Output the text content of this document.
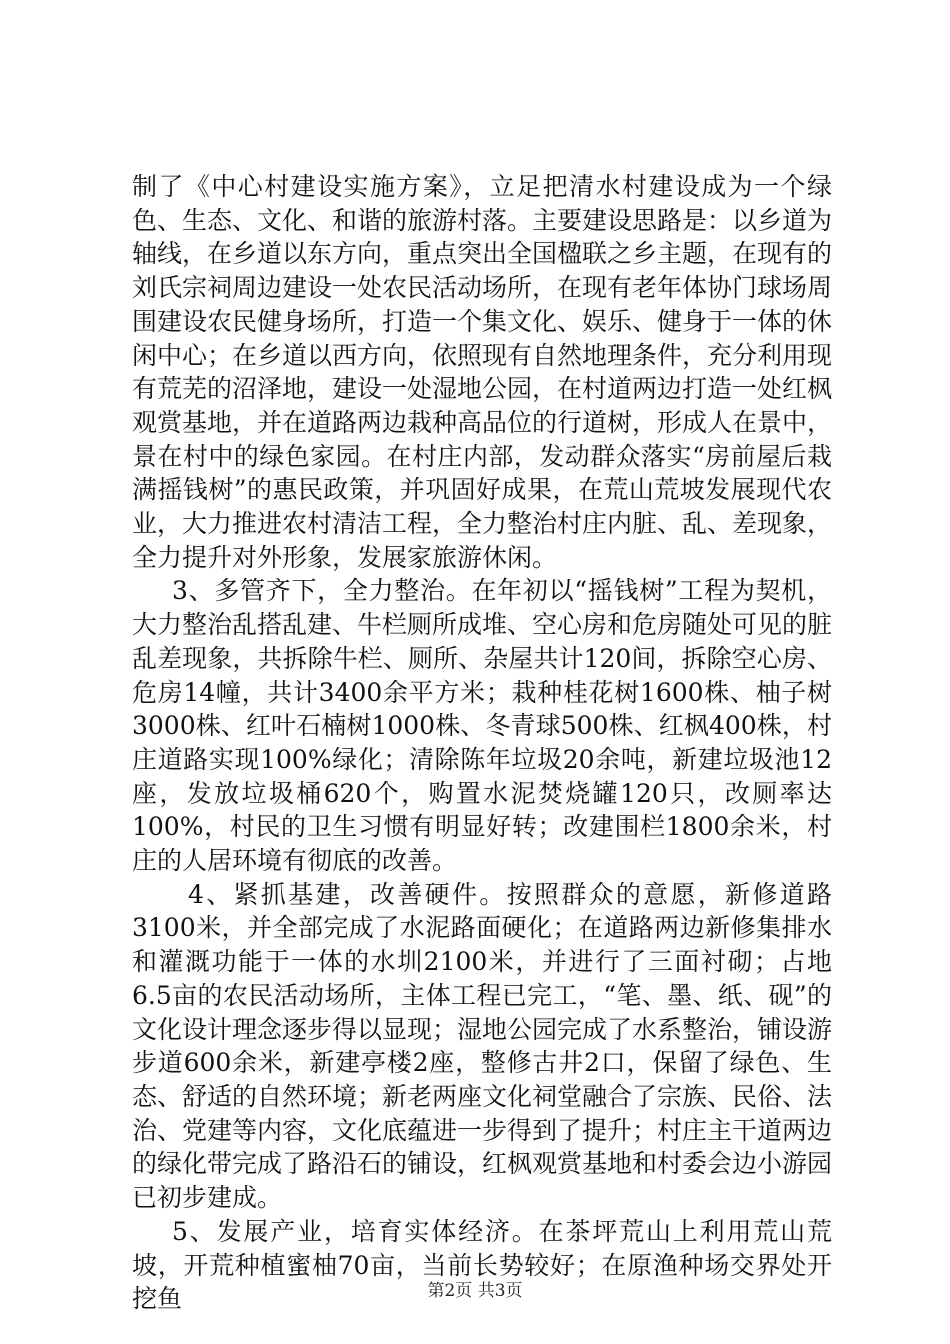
制了《中心村建设实施方案》，立足把清水村建设成为一个绿色、生态、文化、和谐的旅游村落。主要建设思路是：以乡道为轴线，在乡道以东方向，重点突出全国楹联之乡主题，在现有的刘氏宗祠周边建设一处农民活动场所，在现有老年体协门球场周围建设农民健身场所，打造一个集文化、娱乐、健身于一体的休闲中心；在乡道以西方向，依照现有自然地理条件，充分利用现有荒芜的沼泽地，建设一处湿地公园，在村道两边打造一处红枫观赏基地，并在道路两边栽种高品位的行道树，形成人在景中，景在村中的绿色家园。在村庄内部，发动群众落实“房前屋后栽满摇钱树”的惠民政策，并巩固好成果，在荒山荒坡发展现代农业，大力推进农村清洁工程，全力整治村庄内脏、乱、差现象，全力提升对外形象，发展家旅游休闲。

3、多管齐下，全力整治。在年初以“摇钱树”工程为契机，大力整治乱搭乱建、牛栏厕所成堆、空心房和危房随处可见的脏乱差现象，共拆除牛栏、厕所、杂屋共计120间，拆除空心房、危房14幢，共计3400余平方米；栽种桂花树1600株、柚子树3000株、红叶石楠树1000株、冬青球500株、红枫400株，村庄道路实现100%绿化；清除陈年垃圾20余吨，新建垃圾池12座，发放垃圾桶620个，购置水泥焚烧罐120只，改厕率达100%，村民的卫生习惯有明显好转；改建围栏1800余米，村庄的人居环境有彻底的改善。

4、紧抓基建，改善硬件。按照群众的意愿，新修道路3100米，并全部完成了水泥路面硬化；在道路两边新修集排水和灌溉功能于一体的水圳2100米，并进行了三面衬砌；占地6.5亩的农民活动场所，主体工程已完工，“笔、墨、纸、砚”的文化设计理念逐步得以显现；湿地公园完成了水系整治，铺设游步道600余米，新建亭楼2座，整修古井2口，保留了绿色、生态、舒适的自然环境；新老两座文化祠堂融合了宗族、民俗、法治、党建等内容，文化底蕴进一步得到了提升；村庄主干道两边的绿化带完成了路沿石的铺设，红枫观赏基地和村委会边小游园已初步建成。

5、发展产业，培育实体经济。在茶坪荒山上利用荒山荒坡，开荒种植蜜柚70亩，当前长势较好；在原渔种场交界处开挖鱼	第2页 共3页
